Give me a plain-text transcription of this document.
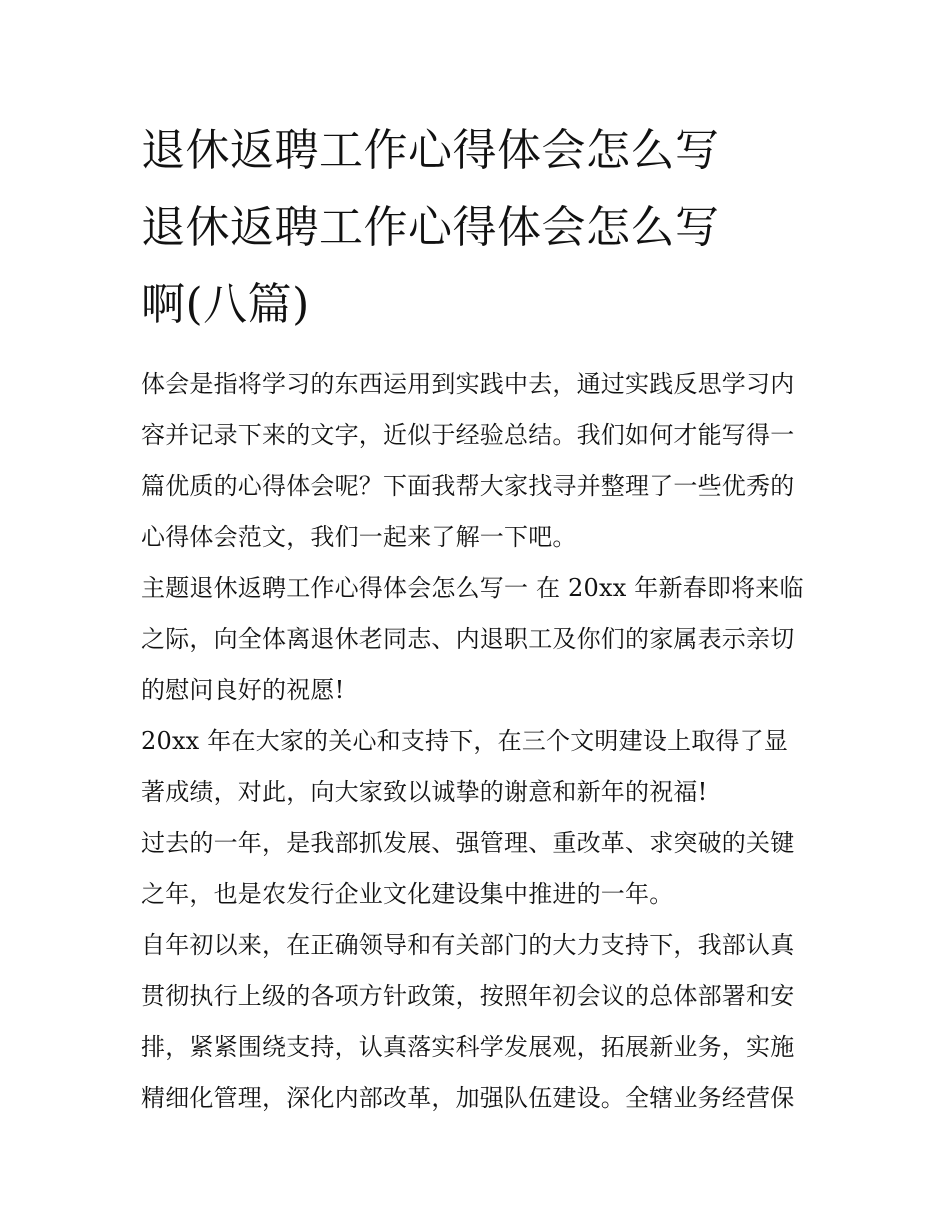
退休返聘工作心得体会怎么写
退休返聘工作心得体会怎么写
啊(八篇)

体会是指将学习的东西运用到实践中去，通过实践反思学习内
容并记录下来的文字，近似于经验总结。我们如何才能写得一
篇优质的心得体会呢？下面我帮大家找寻并整理了一些优秀的
心得体会范文，我们一起来了解一下吧。

主题退休返聘工作心得体会怎么写一 在 20xx 年新春即将来临
之际，向全体离退休老同志、内退职工及你们的家属表示亲切
的慰问良好的祝愿!

20xx 年在大家的关心和支持下，在三个文明建设上取得了显
著成绩，对此，向大家致以诚挚的谢意和新年的祝福!

过去的一年，是我部抓发展、强管理、重改革、求突破的关键
之年，也是农发行企业文化建设集中推进的一年。

自年初以来，在正确领导和有关部门的大力支持下，我部认真
贯彻执行上级的各项方针政策，按照年初会议的总体部署和安
排，紧紧围绕支持，认真落实科学发展观，拓展新业务，实施
精细化管理，深化内部改革，加强队伍建设。全辖业务经营保
